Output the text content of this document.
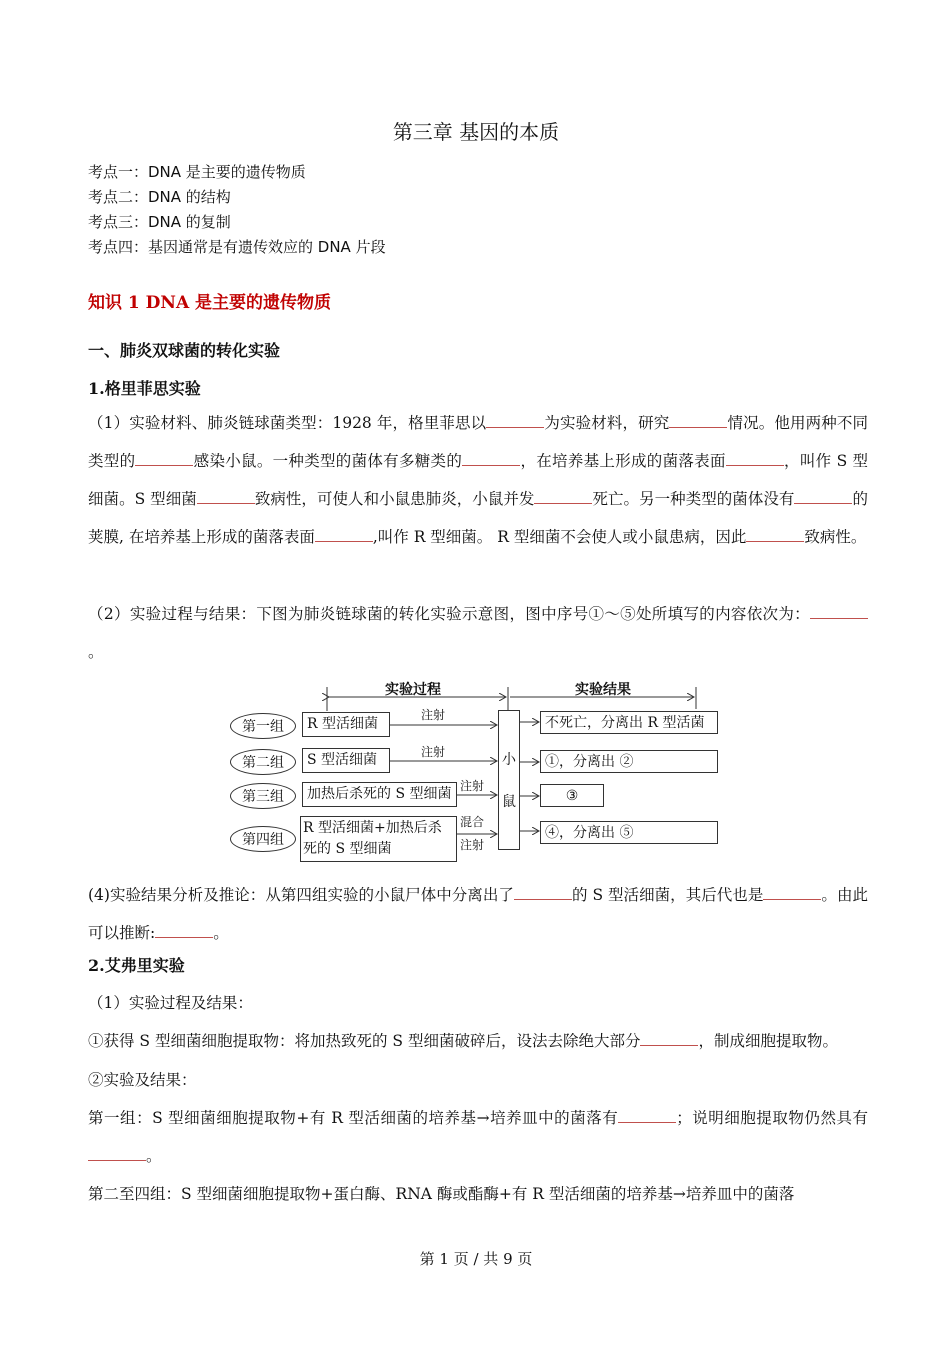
第三章 基因的本质
考点一：DNA 是主要的遗传物质
考点二：DNA 的结构
考点三：DNA 的复制
考点四：基因通常是有遗传效应的 DNA 片段
知识 1 DNA 是主要的遗传物质
一、肺炎双球菌的转化实验
1.格里菲思实验
（1）实验材料、肺炎链球菌类型：1928 年，格里菲思以	为实验材料，研究	情况。他用两种不同类型的	感染小鼠。一种类型的菌体有多糖类的	，在培养基上形成的菌落表面	，叫作 S 型细菌。S 型细菌	致病性，可使人和小鼠患肺炎，小鼠并发	死亡。另一种类型的菌体没有	的荚膜, 在培养基上形成的菌落表面	,叫作 R 型细菌。 R 型细菌不会使人或小鼠患病，因此	致病性。
（2）实验过程与结果：下图为肺炎链球菌的转化实验示意图，图中序号①～⑤处所填写的内容依次为：。
实验过程	实验结果
小
鼠
第一组
第二组
第三组
第四组
R 型活细菌
S 型活细菌
加热后杀死的 S 型细菌
R 型活细菌+加热后杀死的 S 型细菌
注射
注射
注射
混合
注射
不死亡，分离出 R 型活菌
①，分离出 ②
③
④，分离出 ⑤
(4)实验结果分析及推论：从第四组实验的小鼠尸体中分离出了	的 S 型活细菌，其后代也是	。由此可以推断:	。
2.艾弗里实验
（1）实验过程及结果：
①获得 S 型细菌细胞提取物：将加热致死的 S 型细菌破碎后，设法去除绝大部分	，制成细胞提取物。
②实验及结果：
第一组：S 型细菌细胞提取物+有 R 型活细菌的培养基→培养皿中的菌落有	；说明细胞提取物仍然具有。
第二至四组：S 型细菌细胞提取物+蛋白酶、RNA 酶或酯酶+有 R 型活细菌的培养基→培养皿中的菌落
第 1 页 / 共 9 页
